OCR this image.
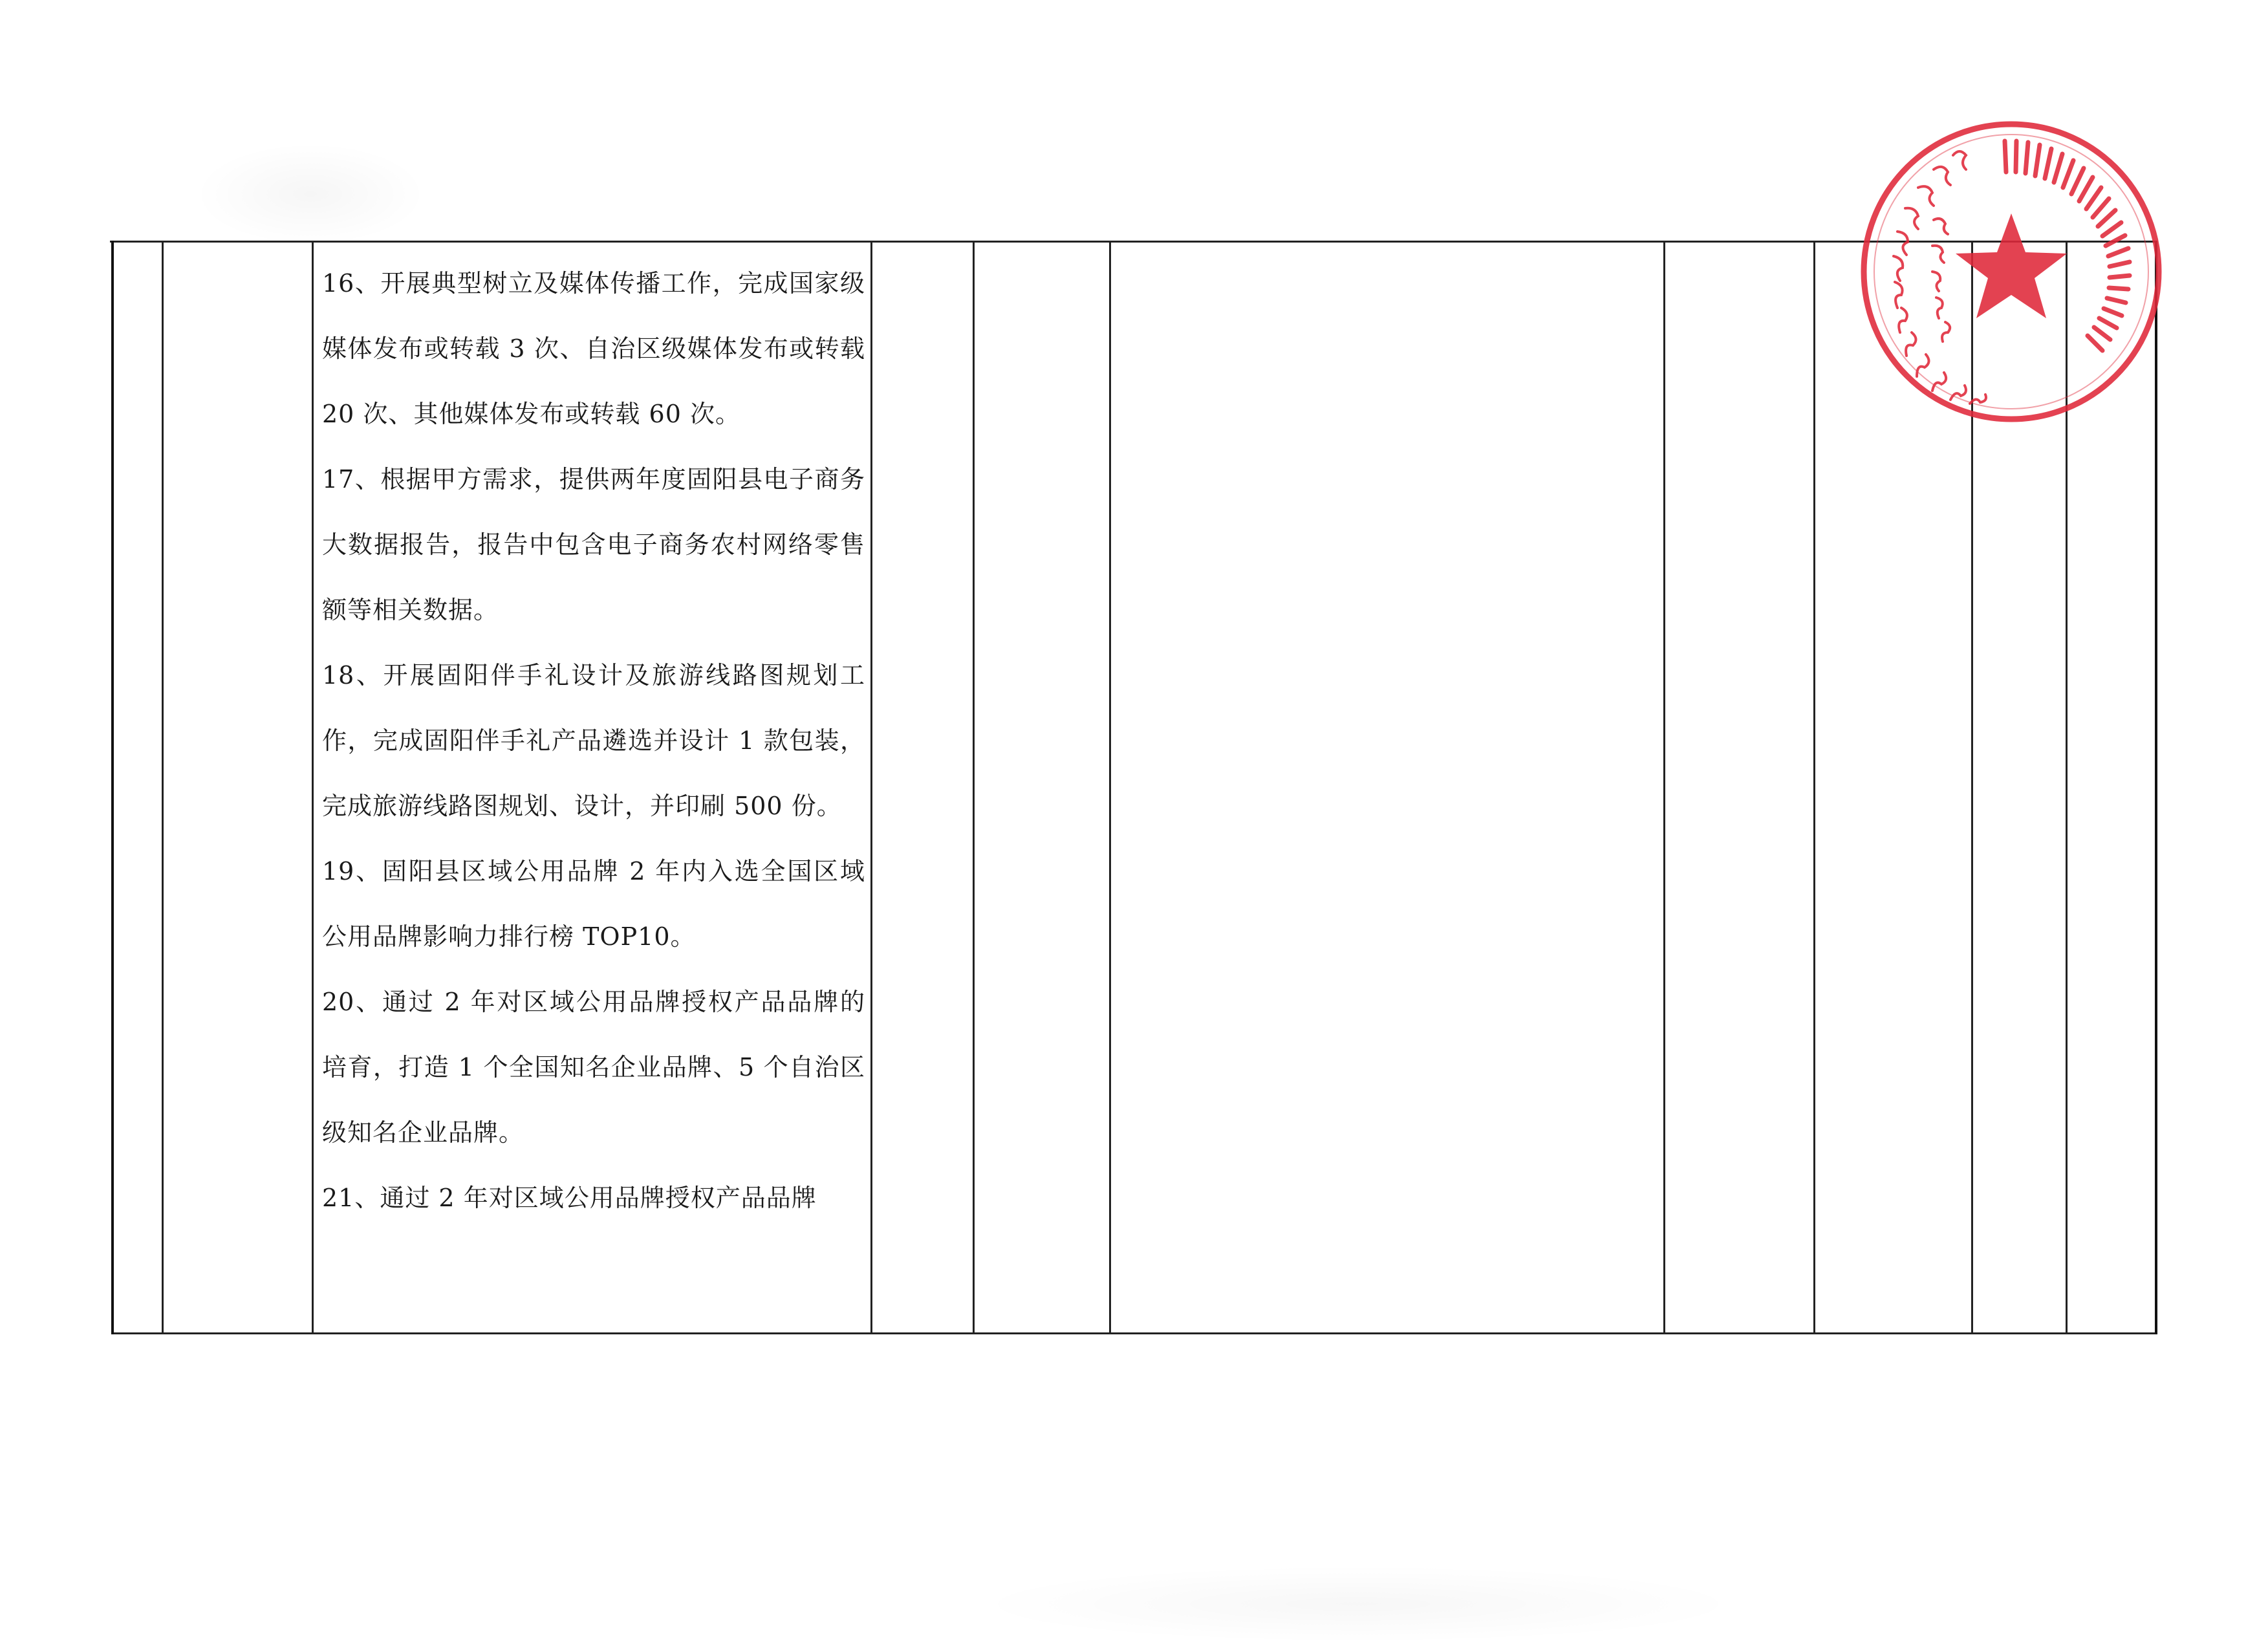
16、开展典型树立及媒体传播工作，完成国家级媒体发布或转载 3 次、自治区级媒体发布或转载 20 次、其他媒体发布或转载 60 次。

17、根据甲方需求，提供两年度固阳县电子商务大数据报告，报告中包含电子商务农村网络零售额等相关数据。

18、开展固阳伴手礼设计及旅游线路图规划工作，完成固阳伴手礼产品遴选并设计 1 款包装，完成旅游线路图规划、设计，并印刷 500 份。

19、固阳县区域公用品牌 2 年内入选全国区域公用品牌影响力排行榜 TOP10。

20、通过 2 年对区域公用品牌授权产品品牌的培育，打造 1 个全国知名企业品牌、5 个自治区级知名企业品牌。

21、通过 2 年对区域公用品牌授权产品品牌
